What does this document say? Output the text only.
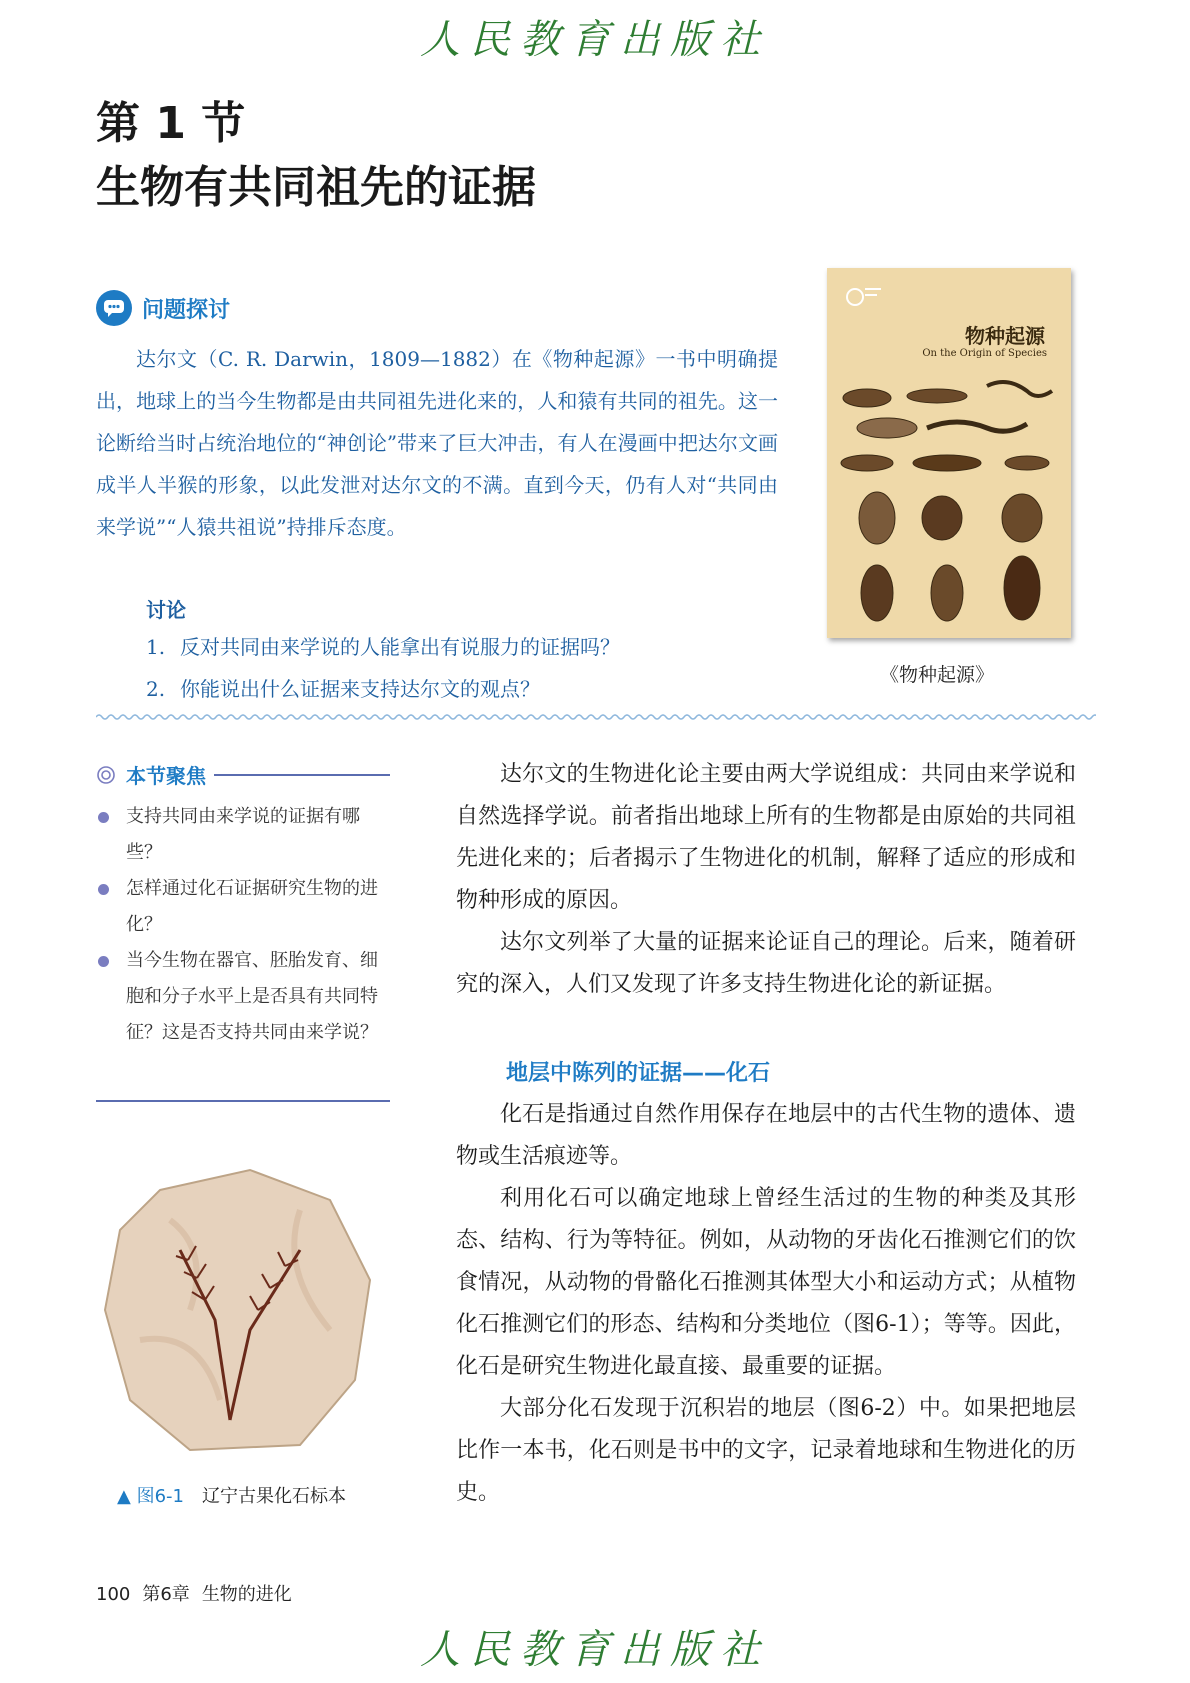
人民教育出版社
第 1 节
生物有共同祖先的证据
问题探讨

达尔文（C. R. Darwin，1809—1882）在《物种起源》一书中明确提出，地球上的当今生物都是由共同祖先进化来的，人和猿有共同的祖先。这一论断给当时占统治地位的“神创论”带来了巨大冲击，有人在漫画中把达尔文画成半人半猴的形象，以此发泄对达尔文的不满。直到今天，仍有人对“共同由来学说”“人猿共祖说”持排斥态度。

讨论
1. 反对共同由来学说的人能拿出有说服力的证据吗？
2. 你能说出什么证据来支持达尔文的观点？
物种起源
On the Origin of Species
《物种起源》
本节聚焦
支持共同由来学说的证据有哪些？
怎样通过化石证据研究生物的进化？
当今生物在器官、胚胎发育、细胞和分子水平上是否具有共同特征？这是否支持共同由来学说？
▲ 图6-1 辽宁古果化石标本

达尔文的生物进化论主要由两大学说组成：共同由来学说和自然选择学说。前者指出地球上所有的生物都是由原始的共同祖先进化来的；后者揭示了生物进化的机制，解释了适应的形成和物种形成的原因。

达尔文列举了大量的证据来论证自己的理论。后来，随着研究的深入，人们又发现了许多支持生物进化论的新证据。

地层中陈列的证据——化石

化石是指通过自然作用保存在地层中的古代生物的遗体、遗物或生活痕迹等。

利用化石可以确定地球上曾经生活过的生物的种类及其形态、结构、行为等特征。例如，从动物的牙齿化石推测它们的饮食情况，从动物的骨骼化石推测其体型大小和运动方式；从植物化石推测它们的形态、结构和分类地位（图6-1）；等等。因此，化石是研究生物进化最直接、最重要的证据。

大部分化石发现于沉积岩的地层（图6-2）中。如果把地层比作一本书，化石则是书中的文字，记录着地球和生物进化的历史。

100 第6章 生物的进化
人民教育出版社
